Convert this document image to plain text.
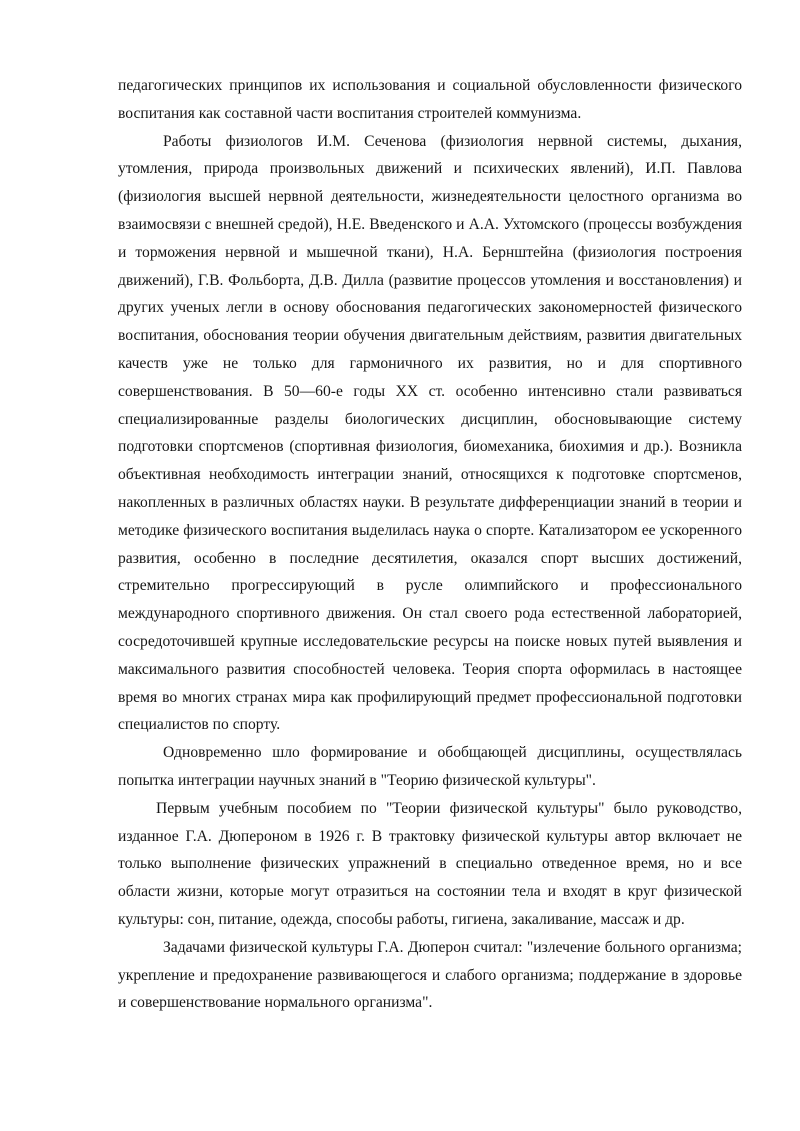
педагогических принципов их использования и социальной обусловленности физического воспитания как составной части воспитания строителей коммунизма.

Работы физиологов И.М. Сеченова (физиология нервной системы, дыхания, утомления, природа произвольных движений и психических явлений), И.П. Павлова (физиология высшей нервной деятельности, жизнедеятельности целостного организма во взаимосвязи с внешней средой), Н.Е. Введенского и А.А. Ухтомского (процессы возбуждения и торможения нервной и мышечной ткани), Н.А. Бернштейна (физиология построения движений), Г.В. Фольборта, Д.В. Дилла (развитие процессов утомления и восстановления) и других ученых легли в основу обоснования педагогических закономерностей физического воспитания, обоснования теории обучения двигательным действиям, развития двигательных качеств уже не только для гармоничного их развития, но и для спортивного совершенствования. В 50—60-е годы XX ст. особенно интенсивно стали развиваться специализированные разделы биологических дисциплин, обосновывающие систему подготовки спортсменов (спортивная физиология, биомеханика, биохимия и др.). Возникла объективная необходимость интеграции знаний, относящихся к подготовке спортсменов, накопленных в различных областях науки. В результате дифференциации знаний в теории и методике физического воспитания выделилась наука о спорте. Катализатором ее ускоренного развития, особенно в последние десятилетия, оказался спорт высших достижений, стремительно прогрессирующий в русле олимпийского и профессионального международного спортивного движения. Он стал своего рода естественной лабораторией, сосредоточившей крупные исследовательские ресурсы на поиске новых путей выявления и максимального развития способностей человека. Теория спорта оформилась в настоящее время во многих странах мира как профилирующий предмет профессиональной подготовки специалистов по спорту.

Одновременно шло формирование и обобщающей дисциплины, осуществлялась попытка интеграции научных знаний в "Теорию физической культуры".

Первым учебным пособием по "Теории физической культуры" было руководство, изданное Г.А. Дюпероном в 1926 г. В трактовку физической культуры автор включает не только выполнение физических упражнений в специально отведенное время, но и все области жизни, которые могут отразиться на состоянии тела и входят в круг физической культуры: сон, питание, одежда, способы работы, гигиена, закаливание, массаж и др.

Задачами физической культуры Г.А. Дюперон считал: "излечение больного организма; укрепление и предохранение развивающегося и слабого организма; поддержание в здоровье и совершенствование нормального организма".
